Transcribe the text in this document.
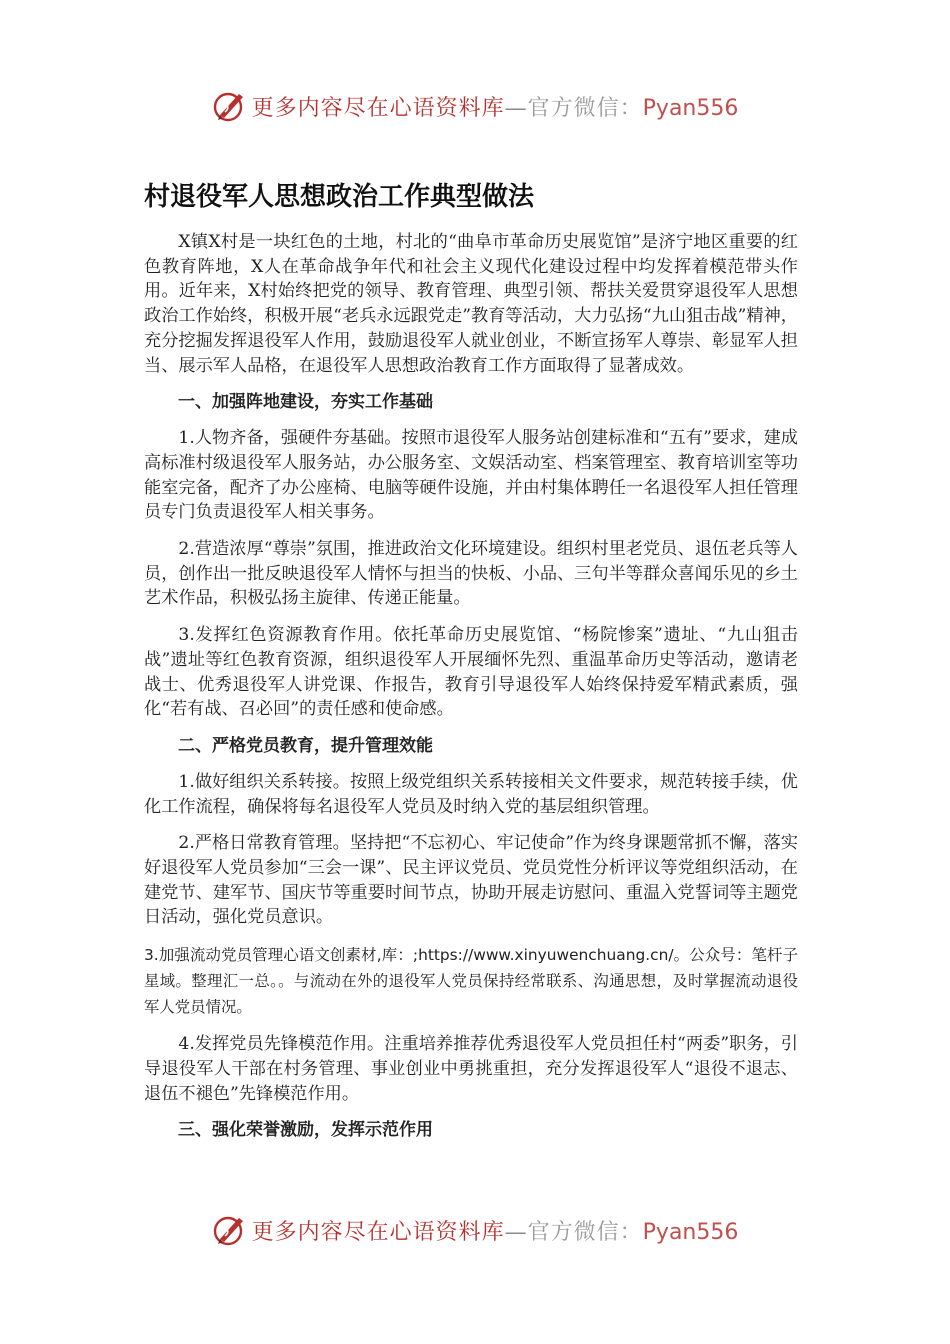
更多内容尽在心语资料库—官方微信：Pyan556
村退役军人思想政治工作典型做法

X镇X村是一块红色的土地，村北的“曲阜市革命历史展览馆”是济宁地区重要的红色教育阵地，X人在革命战争年代和社会主义现代化建设过程中均发挥着模范带头作用。近年来，X村始终把党的领导、教育管理、典型引领、帮扶关爱贯穿退役军人思想政治工作始终，积极开展“老兵永远跟党走”教育等活动，大力弘扬“九山狙击战”精神，充分挖掘发挥退役军人作用，鼓励退役军人就业创业，不断宣扬军人尊崇、彰显军人担当、展示军人品格，在退役军人思想政治教育工作方面取得了显著成效。

一、加强阵地建设，夯实工作基础

1.人物齐备，强硬件夯基础。按照市退役军人服务站创建标准和“五有”要求，建成高标准村级退役军人服务站，办公服务室、文娱活动室、档案管理室、教育培训室等功能室完备，配齐了办公座椅、电脑等硬件设施，并由村集体聘任一名退役军人担任管理员专门负责退役军人相关事务。

2.营造浓厚“尊崇”氛围，推进政治文化环境建设。组织村里老党员、退伍老兵等人员，创作出一批反映退役军人情怀与担当的快板、小品、三句半等群众喜闻乐见的乡土艺术作品，积极弘扬主旋律、传递正能量。

3.发挥红色资源教育作用。依托革命历史展览馆、“杨院惨案”遗址、“九山狙击战”遗址等红色教育资源，组织退役军人开展缅怀先烈、重温革命历史等活动，邀请老战士、优秀退役军人讲党课、作报告，教育引导退役军人始终保持爱军精武素质，强化“若有战、召必回”的责任感和使命感。

二、严格党员教育，提升管理效能

1.做好组织关系转接。按照上级党组织关系转接相关文件要求，规范转接手续，优化工作流程，确保将每名退役军人党员及时纳入党的基层组织管理。

2.严格日常教育管理。坚持把“不忘初心、牢记使命”作为终身课题常抓不懈，落实好退役军人党员参加“三会一课”、民主评议党员、党员党性分析评议等党组织活动，在建党节、建军节、国庆节等重要时间节点，协助开展走访慰问、重温入党誓词等主题党日活动，强化党员意识。

3.加强流动党员管理心语文创素材,库：;https://www.xinyuwenchuang.cn/。公众号：笔杆子星域。整理汇一总。。与流动在外的退役军人党员保持经常联系、沟通思想，及时掌握流动退役军人党员情况。

4.发挥党员先锋模范作用。注重培养推荐优秀退役军人党员担任村“两委”职务，引导退役军人干部在村务管理、事业创业中勇挑重担，充分发挥退役军人“退役不退志、退伍不褪色”先锋模范作用。

三、强化荣誉激励，发挥示范作用
更多内容尽在心语资料库—官方微信：Pyan556
